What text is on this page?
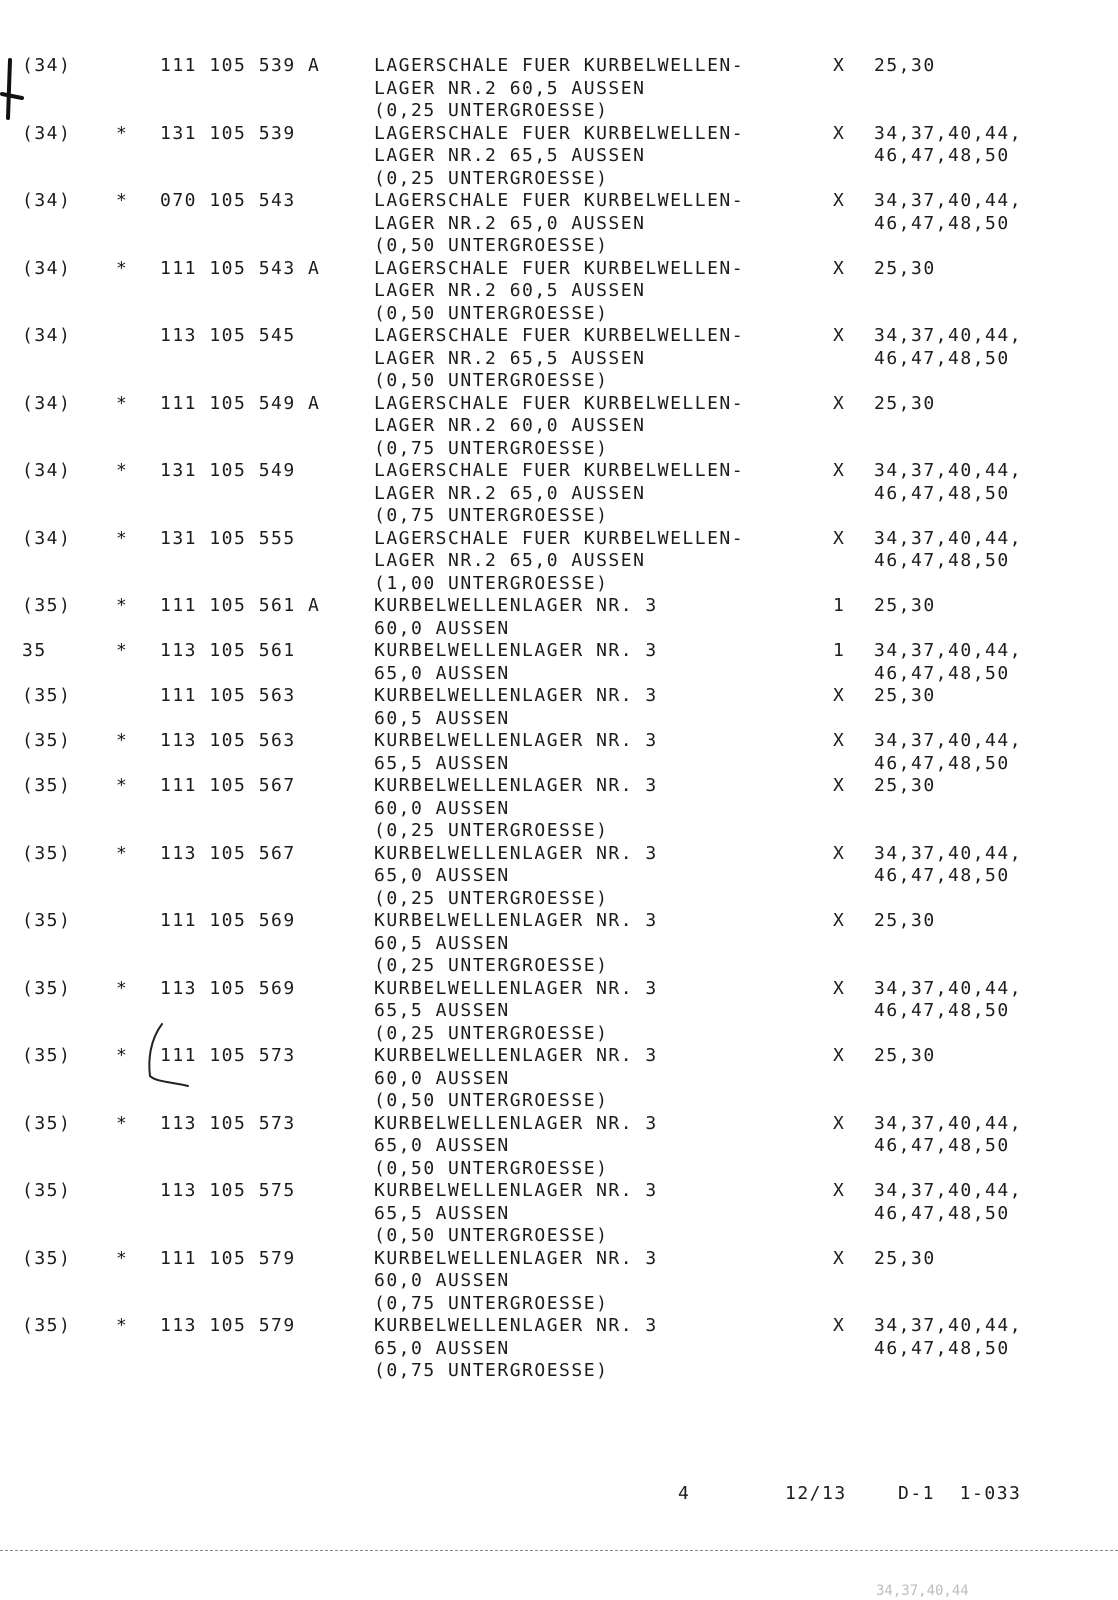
(34)	111 105 539 A	LAGERSCHALE FUER KURBELWELLEN-
LAGER NR.2 60,5 AUSSEN
(0,25 UNTERGROESSE)
X 25,30
(34) * 131 105 539	LAGERSCHALE FUER KURBELWELLEN-
LAGER NR.2 65,5 AUSSEN
(0,25 UNTERGROESSE)
X 34,37,40,44,
46,47,48,50
(34) * 070 105 543	LAGERSCHALE FUER KURBELWELLEN-
LAGER NR.2 65,0 AUSSEN
(0,50 UNTERGROESSE)
X 34,37,40,44,
46,47,48,50
(34) * 111 105 543 A	LAGERSCHALE FUER KURBELWELLEN-
LAGER NR.2 60,5 AUSSEN
(0,50 UNTERGROESSE)
X 25,30
(34)	113 105 545	LAGERSCHALE FUER KURBELWELLEN-
LAGER NR.2 65,5 AUSSEN
(0,50 UNTERGROESSE)
X 34,37,40,44,
46,47,48,50
(34) * 111 105 549 A	LAGERSCHALE FUER KURBELWELLEN-
LAGER NR.2 60,0 AUSSEN
(0,75 UNTERGROESSE)
X 25,30
(34) * 131 105 549	LAGERSCHALE FUER KURBELWELLEN-
LAGER NR.2 65,0 AUSSEN
(0,75 UNTERGROESSE)
X 34,37,40,44,
46,47,48,50
(34) * 131 105 555	LAGERSCHALE FUER KURBELWELLEN-
LAGER NR.2 65,0 AUSSEN
(1,00 UNTERGROESSE)
X 34,37,40,44,
46,47,48,50
(35) * 111 105 561 A	KURBELWELLENLAGER NR. 3
60,0 AUSSEN
1 25,30
35	* 113 105 561	KURBELWELLENLAGER NR. 3
65,0 AUSSEN
1 34,37,40,44,
46,47,48,50
(35)	111 105 563	KURBELWELLENLAGER NR. 3
60,5 AUSSEN
X 25,30
(35) * 113 105 563	KURBELWELLENLAGER NR. 3
65,5 AUSSEN
X 34,37,40,44,
46,47,48,50
(35) * 111 105 567	KURBELWELLENLAGER NR. 3
60,0 AUSSEN
(0,25 UNTERGROESSE)
X 25,30
(35) * 113 105 567	KURBELWELLENLAGER NR. 3
65,0 AUSSEN
(0,25 UNTERGROESSE)
X 34,37,40,44,
46,47,48,50
(35)	111 105 569	KURBELWELLENLAGER NR. 3
60,5 AUSSEN
(0,25 UNTERGROESSE)
X 25,30
(35) * 113 105 569	KURBELWELLENLAGER NR. 3
65,5 AUSSEN
(0,25 UNTERGROESSE)
X 34,37,40,44,
46,47,48,50
(35) * 111 105 573	KURBELWELLENLAGER NR. 3
60,0 AUSSEN
(0,50 UNTERGROESSE)
X 25,30
(35) * 113 105 573	KURBELWELLENLAGER NR. 3
65,0 AUSSEN
(0,50 UNTERGROESSE)
X 34,37,40,44,
46,47,48,50
(35)	113 105 575	KURBELWELLENLAGER NR. 3
65,5 AUSSEN
(0,50 UNTERGROESSE)
X 34,37,40,44,
46,47,48,50
(35) * 111 105 579	KURBELWELLENLAGER NR. 3
60,0 AUSSEN
(0,75 UNTERGROESSE)
X 25,30
(35) * 113 105 579	KURBELWELLENLAGER NR. 3
65,0 AUSSEN
(0,75 UNTERGROESSE)
X 34,37,40,44,
46,47,48,50
4	12/13	D-1  1-033
34,37,40,44
